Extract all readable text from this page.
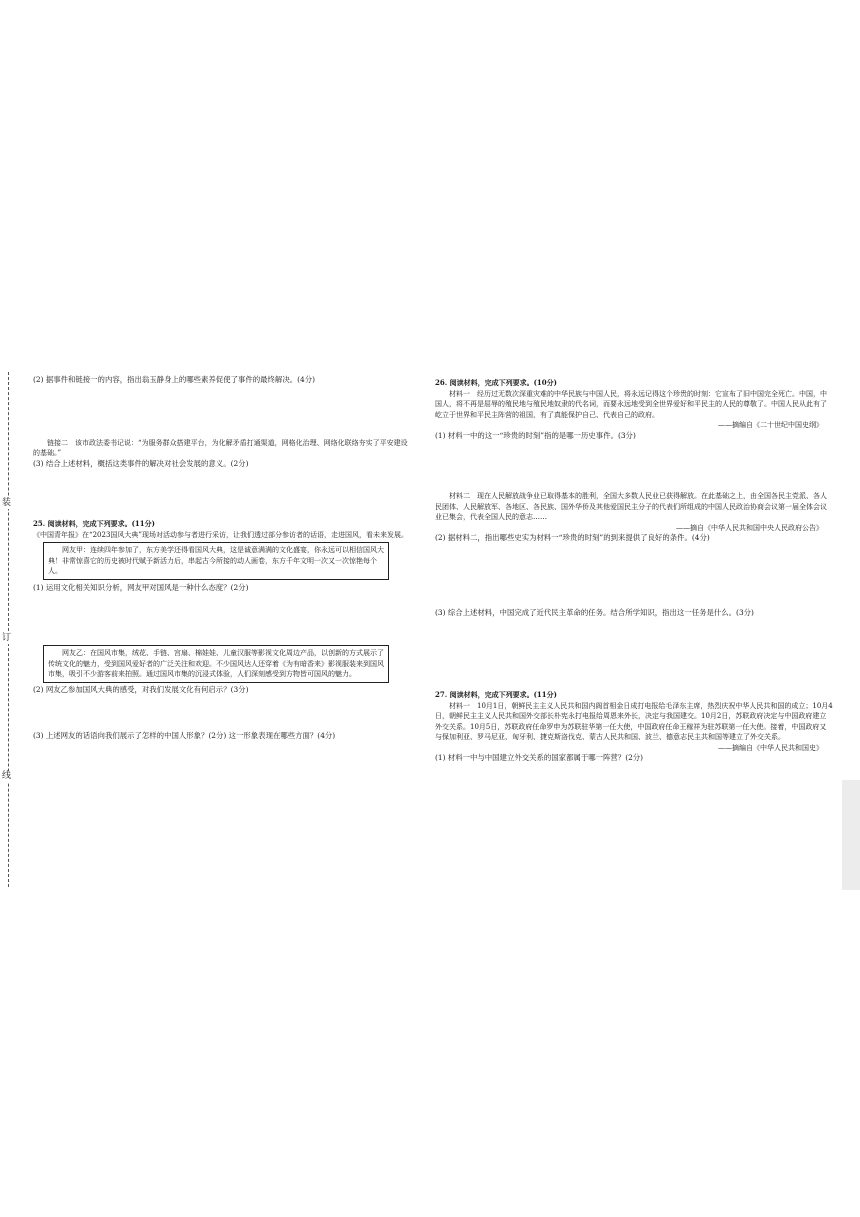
装
订
线

(2) 据事件和链接一的内容，指出翁玉静身上的哪些素养促使了事件的最终解决。(4分)

链接二　该市政法委书记说：“为服务群众搭建平台，为化解矛盾打通渠道，网格化治理、网络化联络夯实了平安建设的基础。”

(3) 结合上述材料，概括这类事件的解决对社会发展的意义。(2分)

25. 阅读材料，完成下列要求。(11分)

《中国青年报》在“2023国风大典”现场对活动参与者进行采访，让我们透过部分参访者的话语，走进国风，看未来发展。

网友甲：连续四年参加了，东方美学还得看国风大典，这是诚意满满的文化盛宴，你永远可以相信国风大典！非常惊喜它的历史被时代赋予新活力后，串起古今所接的动人画卷，东方千年文明一次又一次惊艳每个人。

(1) 运用文化相关知识分析，网友甲对国风是一种什么态度？(2分)

网友乙：在国风市集，绒花、手链、宫扇、棉娃娃、儿童汉服等影视文化周边产品，以创新的方式展示了传统文化的魅力，受到国风爱好者的广泛关注和欢迎。不少国风达人还穿着《为有暗香来》影视服装来到国风市集，吸引不少游客前来拍照。通过国风市集的沉浸式体验，人们深刻感受到方物皆可国风的魅力。

(2) 网友乙参加国风大典的感受，对我们发展文化有何启示？(3分)

(3) 上述网友的话语向我们展示了怎样的中国人形象？(2分) 这一形象表现在哪些方面？(4分)

26. 阅读材料，完成下列要求。(10分)

材料一　经历过无数次深重灾难的中华民族与中国人民，将永远记得这个珍贵的时刻：它宣布了旧中国完全死亡。中国，中国人，将不再是屈辱的殖民地与殖民地奴隶的代名词，而要永远地受到全世界爱好和平民主的人民的尊敬了。中国人民从此有了屹立于世界和平民主阵营的祖国，有了真能保护自己、代表自己的政府。

——摘编自《二十世纪中国史纲》

(1) 材料一中的这一“珍贵的时刻”指的是哪一历史事件。(3分)

材料二　现在人民解放战争业已取得基本的胜利，全国大多数人民业已获得解放。在此基础之上，由全国各民主党派、各人民团体、人民解放军、各地区、各民族、国外华侨及其他爱国民主分子的代表们所组成的中国人民政治协商会议第一届全体会议业已集会，代表全国人民的意志……

——摘自《中华人民共和国中央人民政府公告》

(2) 据材料二，指出哪些史实为材料一“珍贵的时刻”的到来提供了良好的条件。(4分)

(3) 综合上述材料，中国完成了近代民主革命的任务。结合所学知识，指出这一任务是什么。(3分)

27. 阅读材料，完成下列要求。(11分)

材料一　10月1日，朝鲜民主主义人民共和国内阁首相金日成打电报给毛泽东主席，热烈庆祝中华人民共和国的成立；10月4日，朝鲜民主主义人民共和国外交部长朴宪永打电报给周恩来外长，决定与我国建交。10月2日，苏联政府决定与中国政府建立外交关系。10月5日，苏联政府任命罗申为苏联驻华第一任大使，中国政府任命王稼祥为驻苏联第一任大使。接着，中国政府又与保加利亚、罗马尼亚、匈牙利、捷克斯洛伐克、蒙古人民共和国、波兰、德意志民主共和国等建立了外交关系。

——摘编自《中华人民共和国史》

(1) 材料一中与中国建立外交关系的国家都属于哪一阵营？(2分)
